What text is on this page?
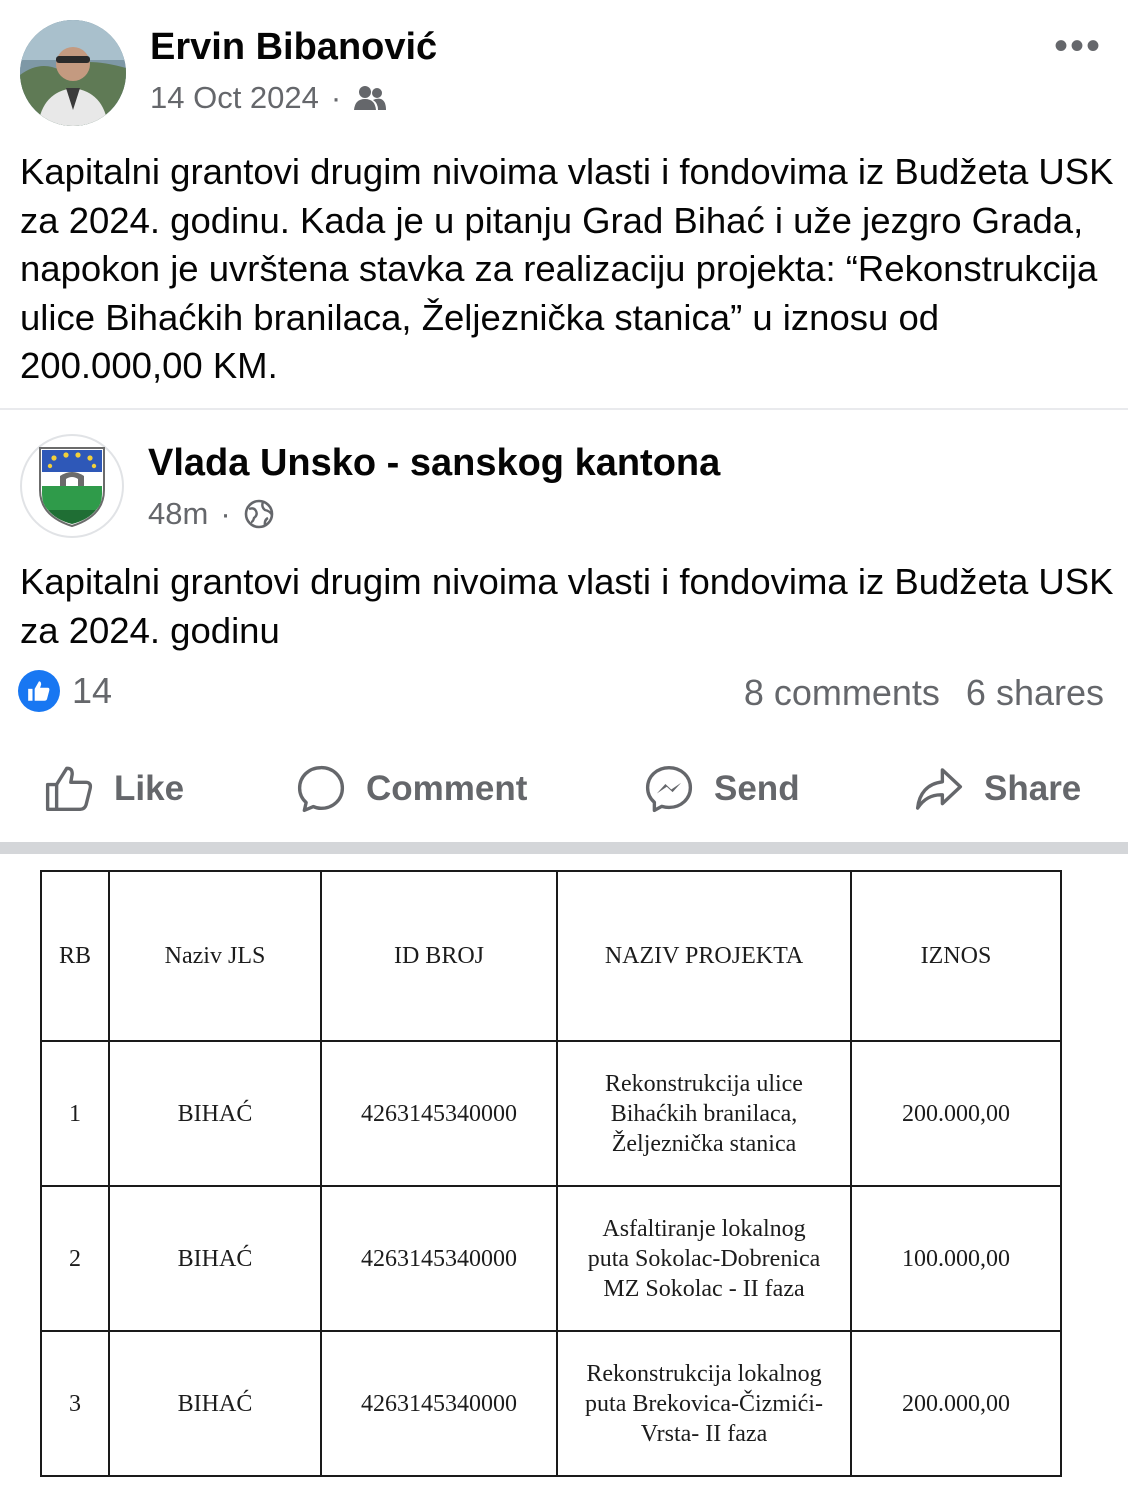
Ervin Bibanović
14 Oct 2024 ·
•••

Kapitalni grantovi drugim nivoima vlasti i fondovima iz Budžeta USK za 2024. godinu. Kada je u pitanju Grad Bihać i uže jezgro Grada, napokon je uvrštena stavka za realizaciju projekta: “Rekonstrukcija ulice Bihaćkih branilaca, Željeznička stanica” u iznosu od 200.000,00 KM.

Vlada Unsko - sanskog kantona
48m ·

Kapitalni grantovi drugim nivoima vlasti i fondovima iz Budžeta USK za 2024. godinu

14	8 comments 6 shares
Like	Comment	Send	Share
RB	Naziv JLS	ID BROJ	NAZIV PROJEKTA	IZNOS
1	BIHAĆ	4263145340000	Rekonstrukcija ulice
Bihaćkih branilaca,
Željeznička stanica	200.000,00
2	BIHAĆ	4263145340000	Asfaltiranje lokalnog
puta Sokolac-Dobrenica
MZ Sokolac - II faza	100.000,00
3	BIHAĆ	4263145340000	Rekonstrukcija lokalnog
puta Brekovica-Čizmići-
Vrsta- II faza	200.000,00
